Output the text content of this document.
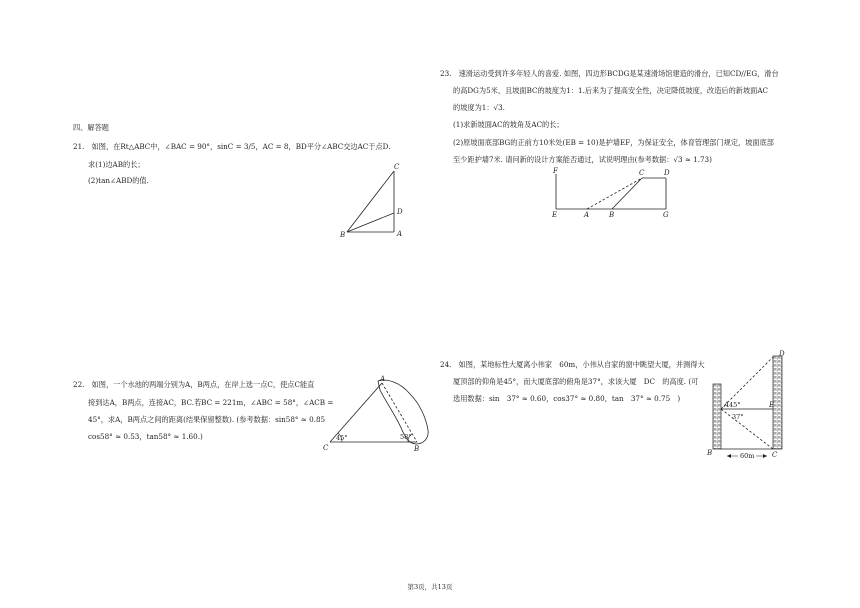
四、解答题
21.　如图，在Rt△ABC中，∠BAC = 90°，sinC = 3/5，AC = 8，BD平分∠ABC交边AC于点D.
求(1)边AB的长；
(2)tan∠ABD的值.
B	A
C
D
22.　如图，一个水池的两端分别为A，B两点，在岸上选一点C，使点C能直
接到达A，B两点，连接AC，BC.若BC = 221m，∠ABC = 58°，∠ACB =
45°，求A，B两点之间的距离(结果保留整数). (参考数据：sin58° ≈ 0.85
cos58° ≈ 0.53，tan58° ≈ 1.60.)
A
C	B
45°	58°
23.　速滑运动受到许多年轻人的喜爱. 如图，四边形BCDG是某速滑场馆建造的滑台，已知CD//EG，滑台
的高DG为5米，且坡面BC的坡度为1：1.后来为了提高安全性，决定降低坡度，改造后的新坡面AC
的坡度为1：√3.
(1)求新坡面AC的坡角及AC的长；
(2)原坡面底部BG的正前方10米处(EB = 10)是护墙EF，为保证安全，体育管理部门规定，坡面底部
至少距护墙7米. 请问新的设计方案能否通过，试说明理由(参考数据：√3 ≈ 1.73)
F
E	A	B	G
C	D
24.　如图，某地标性大厦离小伟家　60m，小伟从自家的窗中眺望大厦，并测得大
厦顶部的仰角是45°，而大厦底部的俯角是37°，求该大厦　DC　的高度. (可
选用数据：sin　37° ≈ 0.60，cos37° ≈ 0.80，tan　37° ≈ 0.75　)
60m
D
A	E
B	C
45°
37°
第3页，共13页
